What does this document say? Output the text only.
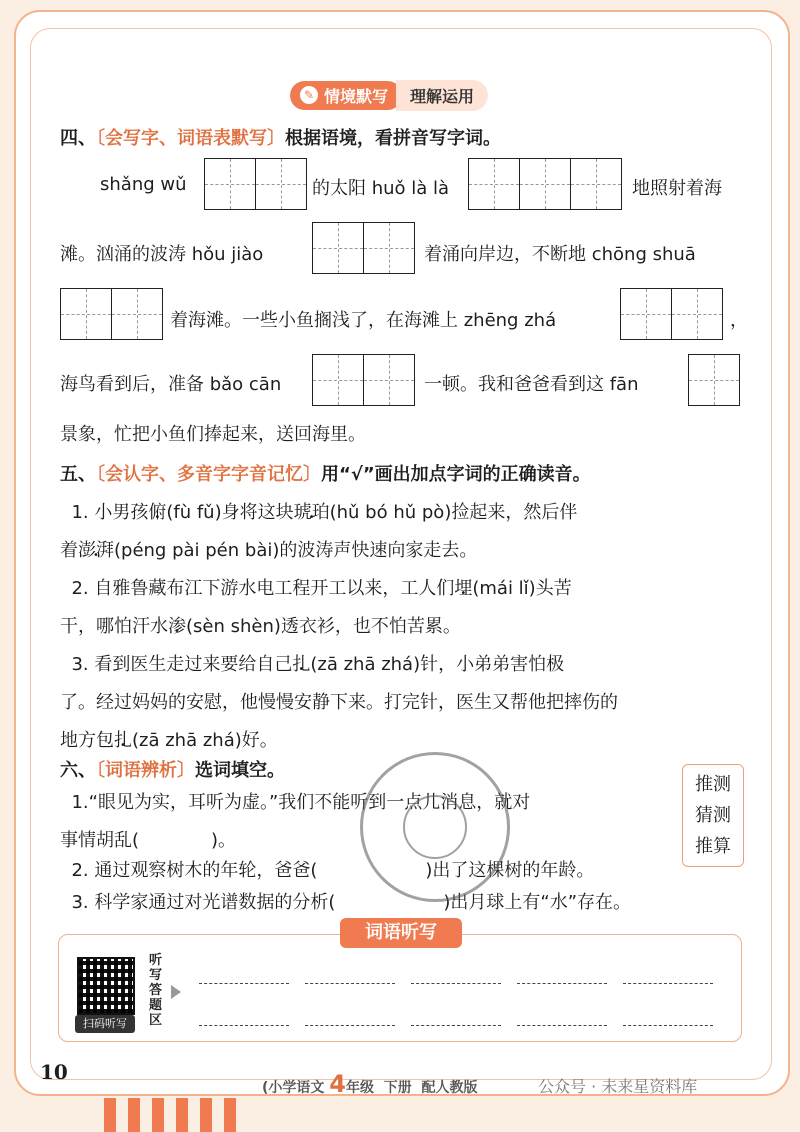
✎ 情境默写	理解运用
四、〔会写字、词语表默写〕根据语境，看拼音写字词。
shǎng wǔ	的太阳 huǒ là là	地照射着海
滩。汹涌的波涛 hǒu jiào	着涌向岸边，不断地 chōng shuā
着海滩。一些小鱼搁浅了，在海滩上 zhēng zhá	，
海鸟看到后，准备 bǎo cān	一顿。我和爸爸看到这 fān
景象，忙把小鱼们捧起来，送回海里。
五、〔会认字、多音字字音记忆〕用“√”画出加点字词的正确读音。
1. 小男孩俯(fù fǔ)身将这块琥珀(hǔ bó hǔ pò)捡起来，然后伴
着澎湃(péng pài pén bài)的波涛声快速向家走去。
2. 自雅鲁藏布江下游水电工程开工以来，工人们埋(mái lǐ)头苦
干，哪怕汗水渗(sèn shèn)透衣衫，也不怕苦累。
3. 看到医生走过来要给自己扎(zā zhā zhá)针，小弟弟害怕极
了。经过妈妈的安慰，他慢慢安静下来。打完针，医生又帮他把摔伤的
地方包扎(zā zhā zhá)好。
六、〔词语辨析〕选词填空。
1.“眼见为实，耳听为虚。”我们不能听到一点儿消息，就对
事情胡乱(　　　　)。
2. 通过观察树木的年轮，爸爸(　　　　　　)出了这棵树的年龄。
3. 科学家通过对光谱数据的分析(　　　　　　)出月球上有“水”存在。
推测
猜测
推算
扫码听写
听写答题区
词语听写
10
(小学语文 4年级 下册 配人教版	公众号 · 未来星资料库
